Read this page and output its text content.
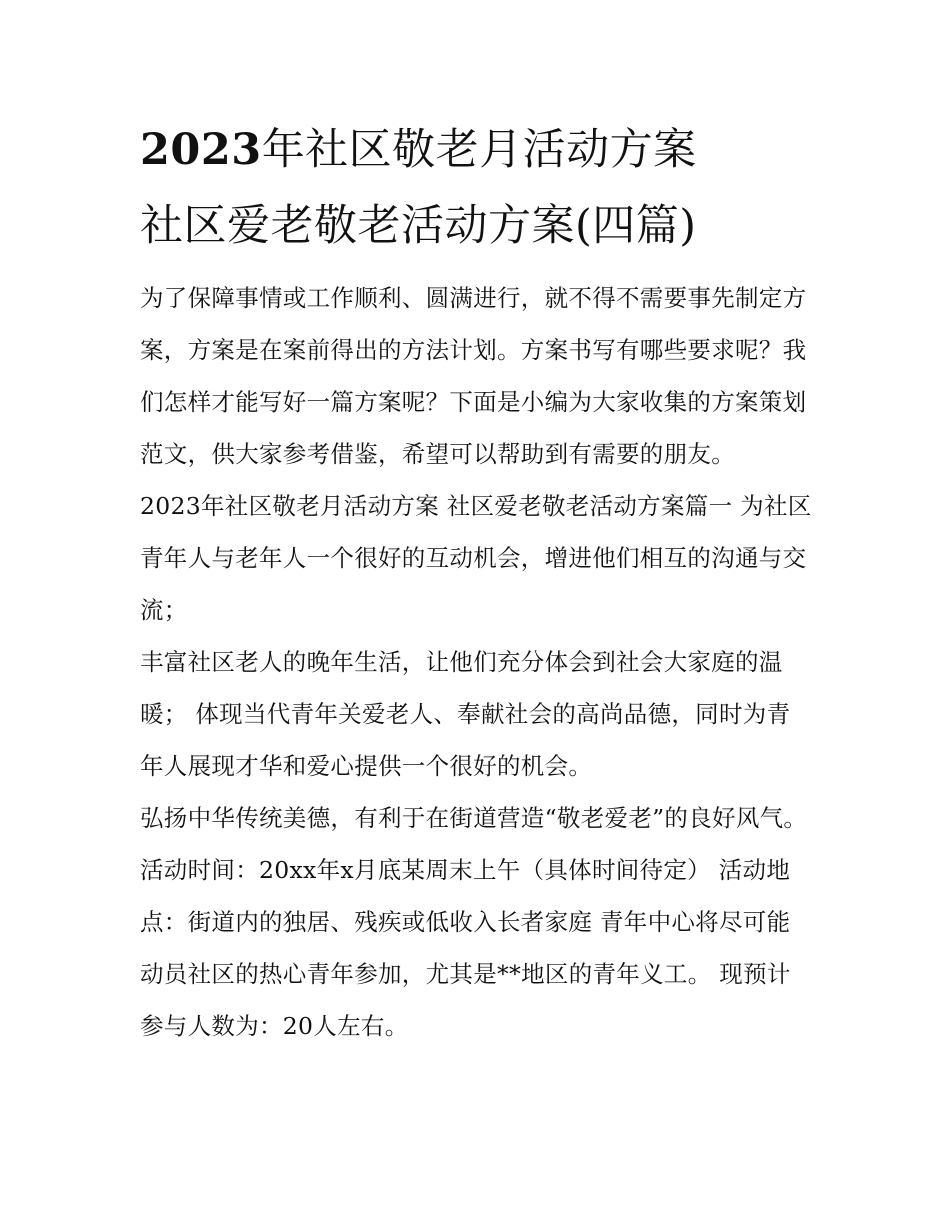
2023年社区敬老月活动方案
社区爱老敬老活动方案(四篇)

为了保障事情或工作顺利、圆满进行，就不得不需要事先制定方案，方案是在案前得出的方法计划。方案书写有哪些要求呢？我们怎样才能写好一篇方案呢？下面是小编为大家收集的方案策划范文，供大家参考借鉴，希望可以帮助到有需要的朋友。

2023年社区敬老月活动方案 社区爱老敬老活动方案篇一 为社区青年人与老年人一个很好的互动机会，增进他们相互的沟通与交流；

丰富社区老人的晚年生活，让他们充分体会到社会大家庭的温暖； 体现当代青年关爱老人、奉献社会的高尚品德，同时为青年人展现才华和爱心提供一个很好的机会。

弘扬中华传统美德，有利于在街道营造“敬老爱老”的良好风气。 活动时间：20xx年x月底某周末上午（具体时间待定） 活动地点：街道内的独居、残疾或低收入长者家庭 青年中心将尽可能动员社区的热心青年参加，尤其是**地区的青年义工。 现预计参与人数为：20人左右。
